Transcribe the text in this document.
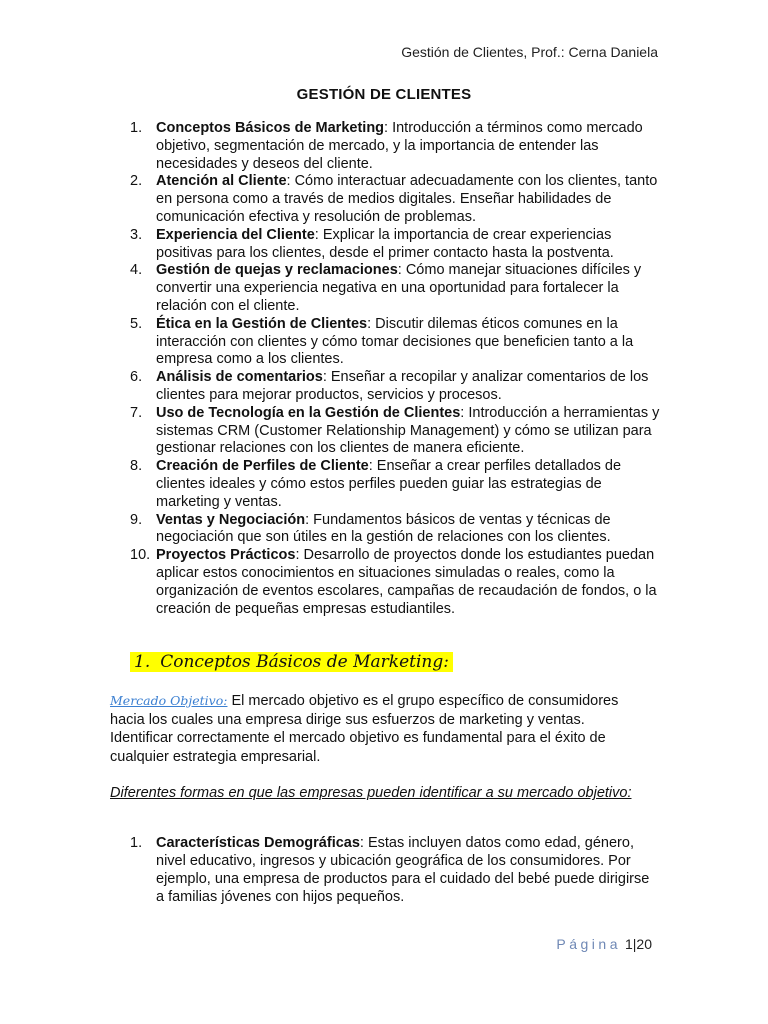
Gestión de Clientes, Prof.: Cerna Daniela
GESTIÓN DE CLIENTES
1. Conceptos Básicos de Marketing: Introducción a términos como mercado objetivo, segmentación de mercado, y la importancia de entender las necesidades y deseos del cliente.
2. Atención al Cliente: Cómo interactuar adecuadamente con los clientes, tanto en persona como a través de medios digitales. Enseñar habilidades de comunicación efectiva y resolución de problemas.
3. Experiencia del Cliente: Explicar la importancia de crear experiencias positivas para los clientes, desde el primer contacto hasta la postventa.
4. Gestión de quejas y reclamaciones: Cómo manejar situaciones difíciles y convertir una experiencia negativa en una oportunidad para fortalecer la relación con el cliente.
5. Ética en la Gestión de Clientes: Discutir dilemas éticos comunes en la interacción con clientes y cómo tomar decisiones que beneficien tanto a la empresa como a los clientes.
6. Análisis de comentarios: Enseñar a recopilar y analizar comentarios de los clientes para mejorar productos, servicios y procesos.
7. Uso de Tecnología en la Gestión de Clientes: Introducción a herramientas y sistemas CRM (Customer Relationship Management) y cómo se utilizan para gestionar relaciones con los clientes de manera eficiente.
8. Creación de Perfiles de Cliente: Enseñar a crear perfiles detallados de clientes ideales y cómo estos perfiles pueden guiar las estrategias de marketing y ventas.
9. Ventas y Negociación: Fundamentos básicos de ventas y técnicas de negociación que son útiles en la gestión de relaciones con los clientes.
10. Proyectos Prácticos: Desarrollo de proyectos donde los estudiantes puedan aplicar estos conocimientos en situaciones simuladas o reales, como la organización de eventos escolares, campañas de recaudación de fondos, o la creación de pequeñas empresas estudiantiles.
1. Conceptos Básicos de Marketing:
Mercado Objetivo: El mercado objetivo es el grupo específico de consumidores hacia los cuales una empresa dirige sus esfuerzos de marketing y ventas. Identificar correctamente el mercado objetivo es fundamental para el éxito de cualquier estrategia empresarial.
Diferentes formas en que las empresas pueden identificar a su mercado objetivo:
1. Características Demográficas: Estas incluyen datos como edad, género, nivel educativo, ingresos y ubicación geográfica de los consumidores. Por ejemplo, una empresa de productos para el cuidado del bebé puede dirigirse a familias jóvenes con hijos pequeños.
Página 1|20
